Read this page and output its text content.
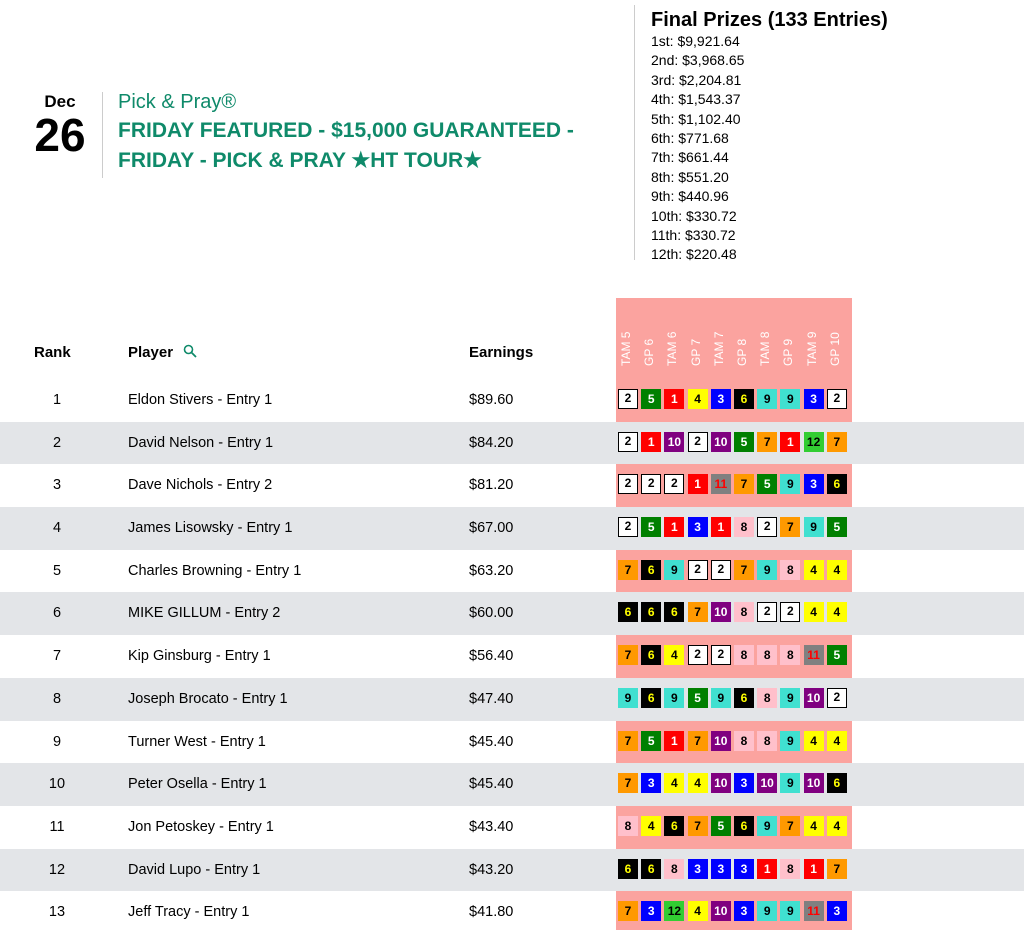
Dec
26
Pick & Pray®
FRIDAY FEATURED - $15,000 GUARANTEED - FRIDAY - PICK & PRAY ★HT TOUR★
Final Prizes (133 Entries)
1st: $9,921.64
2nd: $3,968.65
3rd: $2,204.81
4th: $1,543.37
5th: $1,102.40
6th: $771.68
7th: $661.44
8th: $551.20
9th: $440.96
10th: $330.72
11th: $330.72
12th: $220.48
Rank	Player	Earnings	TAM 5 GP 6 TAM 6 GP 7 TAM 7 GP 8 TAM 8 GP 9 TAM 9 GP 10
1	Eldon Stivers - Entry 1	$89.60	2	5	1	4	3	6	9	9	3	2
2	David Nelson - Entry 1	$84.20	2	1	10	2	10	5	7	1	12	7
3	Dave Nichols - Entry 2	$81.20	2	2	2	1	11	7	5	9	3	6
4	James Lisowsky - Entry 1	$67.00	2	5	1	3	1	8	2	7	9	5
5	Charles Browning - Entry 1	$63.20	7	6	9	2	2	7	9	8	4	4
6	MIKE GILLUM - Entry 2	$60.00	6	6	6	7	10	8	2	2	4	4
7	Kip Ginsburg - Entry 1	$56.40	7	6	4	2	2	8	8	8	11	5
8	Joseph Brocato - Entry 1	$47.40	9	6	9	5	9	6	8	9	10	2
9	Turner West - Entry 1	$45.40	7	5	1	7	10	8	8	9	4	4
10	Peter Osella - Entry 1	$45.40	7	3	4	4	10	3	10	9	10	6
11	Jon Petoskey - Entry 1	$43.40	8	4	6	7	5	6	9	7	4	4
12	David Lupo - Entry 1	$43.20	6	6	8	3	3	3	1	8	1	7
13	Jeff Tracy - Entry 1	$41.80	7	3	12	4	10	3	9	9	11	3
